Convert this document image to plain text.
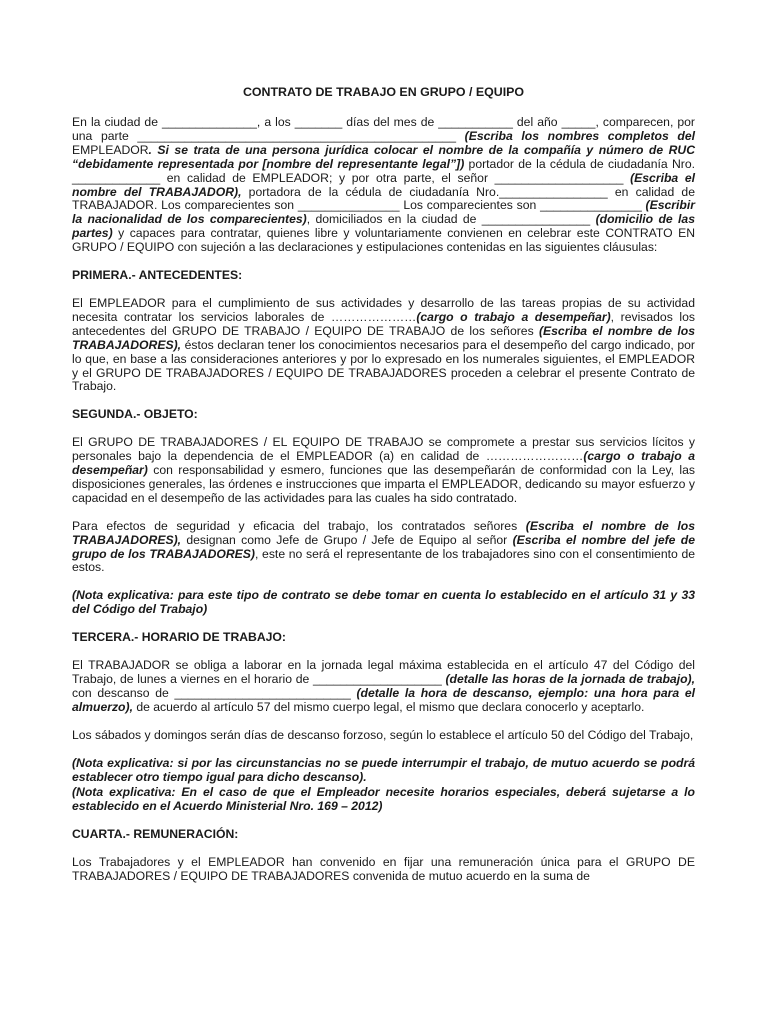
CONTRATO DE TRABAJO EN GRUPO / EQUIPO

En la ciudad de ______________, a los _______ días del mes de ___________ del año _____, comparecen, por una parte _______________________________________________ (Escriba los nombres completos del EMPLEADOR. Si se trata de una persona jurídica colocar el nombre de la compañía y número de RUC “debidamente representada por [nombre del representante legal”]) portador de la cédula de ciudadanía Nro. _____________ en calidad de EMPLEADOR; y por otra parte, el señor ___________________ (Escriba el nombre del TRABAJADOR), portadora de la cédula de ciudadanía Nro.________________ en calidad de TRABAJADOR. Los comparecientes son _______________ Los comparecientes son _______________ (Escribir la nacionalidad de los comparecientes), domiciliados en la ciudad de ________________ (domicilio de las partes) y capaces para contratar, quienes libre y voluntariamente convienen en celebrar este CONTRATO EN GRUPO / EQUIPO con sujeción a las declaraciones y estipulaciones contenidas en las siguientes cláusulas:

PRIMERA.- ANTECEDENTES:

El EMPLEADOR para el cumplimiento de sus actividades y desarrollo de las tareas propias de su actividad necesita contratar los servicios laborales de …………………(cargo o trabajo a desempeñar), revisados los antecedentes del GRUPO DE TRABAJO / EQUIPO DE TRABAJO de los señores (Escriba el nombre de los TRABAJADORES), éstos declaran tener los conocimientos necesarios para el desempeño del cargo indicado, por lo que, en base a las consideraciones anteriores y por lo expresado en los numerales siguientes, el EMPLEADOR y el GRUPO DE TRABAJADORES / EQUIPO DE TRABAJADORES proceden a celebrar el presente Contrato de Trabajo.

SEGUNDA.- OBJETO:

El GRUPO DE TRABAJADORES / EL EQUIPO DE TRABAJO se compromete a prestar sus servicios lícitos y personales bajo la dependencia de el EMPLEADOR (a) en calidad de ……………………(cargo o trabajo a desempeñar) con responsabilidad y esmero, funciones que las desempeñarán de conformidad con la Ley, las disposiciones generales, las órdenes e instrucciones que imparta el EMPLEADOR, dedicando su mayor esfuerzo y capacidad en el desempeño de las actividades para las cuales ha sido contratado.

Para efectos de seguridad y eficacia del trabajo, los contratados señores (Escriba el nombre de los TRABAJADORES), designan como Jefe de Grupo / Jefe de Equipo al señor (Escriba el nombre del jefe de grupo de los TRABAJADORES), este no será el representante de los trabajadores sino con el consentimiento de estos.

(Nota explicativa: para este tipo de contrato se debe tomar en cuenta lo establecido en el artículo 31 y 33 del Código del Trabajo)

TERCERA.- HORARIO DE TRABAJO:

El TRABAJADOR se obliga a laborar en la jornada legal máxima establecida en el artículo 47 del Código del Trabajo, de lunes a viernes en el horario de ___________________ (detalle las horas de la jornada de trabajo), con descanso de __________________________ (detalle la hora de descanso, ejemplo: una hora para el almuerzo), de acuerdo al artículo 57 del mismo cuerpo legal, el mismo que declara conocerlo y aceptarlo.

Los sábados y domingos serán días de descanso forzoso, según lo establece el artículo 50 del Código del Trabajo,

(Nota explicativa: si por las circunstancias no se puede interrumpir el trabajo, de mutuo acuerdo se podrá establecer otro tiempo igual para dicho descanso).

(Nota explicativa: En el caso de que el Empleador necesite horarios especiales, deberá sujetarse a lo establecido en el Acuerdo Ministerial Nro. 169 – 2012)

CUARTA.- REMUNERACIÓN:

Los Trabajadores y el EMPLEADOR han convenido en fijar una remuneración única para el GRUPO DE TRABAJADORES / EQUIPO DE TRABAJADORES convenida de mutuo acuerdo en la suma de
